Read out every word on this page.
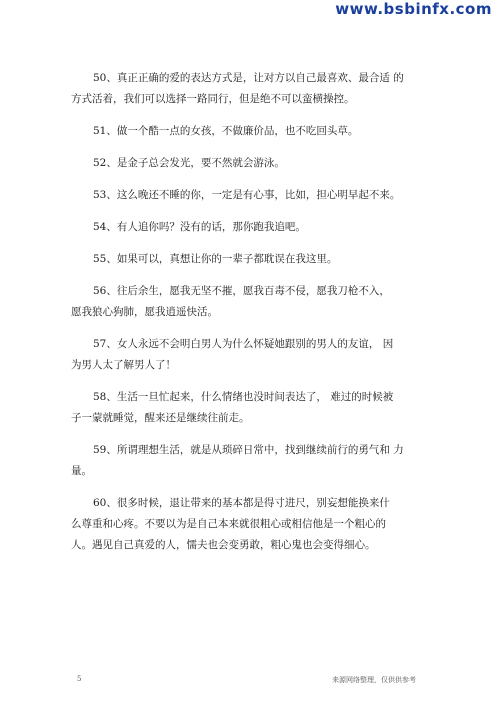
www.bsbinfx.com
50、真正正确的爱的表达方式是，让对方以自己最喜欢、最合适 的
方式活着，我们可以选择一路同行，但是绝不可以蛮横操控。
51、做一个酷一点的女孩，不做廉价品，也不吃回头草。
52、是金子总会发光，要不然就会游泳。
53、这么晚还不睡的你，一定是有心事，比如，担心明早起不来。
54、有人追你吗？没有的话，那你跑我追吧。
55、如果可以，真想让你的一辈子都耽误在我这里。
56、往后余生，愿我无坚不摧，愿我百毒不侵，愿我刀枪不入，
愿我狼心狗肺，愿我逍遥快活。
57、女人永远不会明白男人为什么怀疑她跟别的男人的友谊， 因
为男人太了解男人了！
58、生活一旦忙起来，什么情绪也没时间表达了， 难过的时候被
子一蒙就睡觉，醒来还是继续往前走。
59、所谓理想生活，就是从琐碎日常中，找到继续前行的勇气和 力
量。
60、很多时候，退让带来的基本都是得寸进尺，别妄想能换来什
么尊重和心疼。不要以为是自己本来就很粗心或相信他是一个粗心的
人。遇见自己真爱的人，懦夫也会变勇敢，粗心鬼也会变得细心。
5	来源网络整理，仅供供参考
